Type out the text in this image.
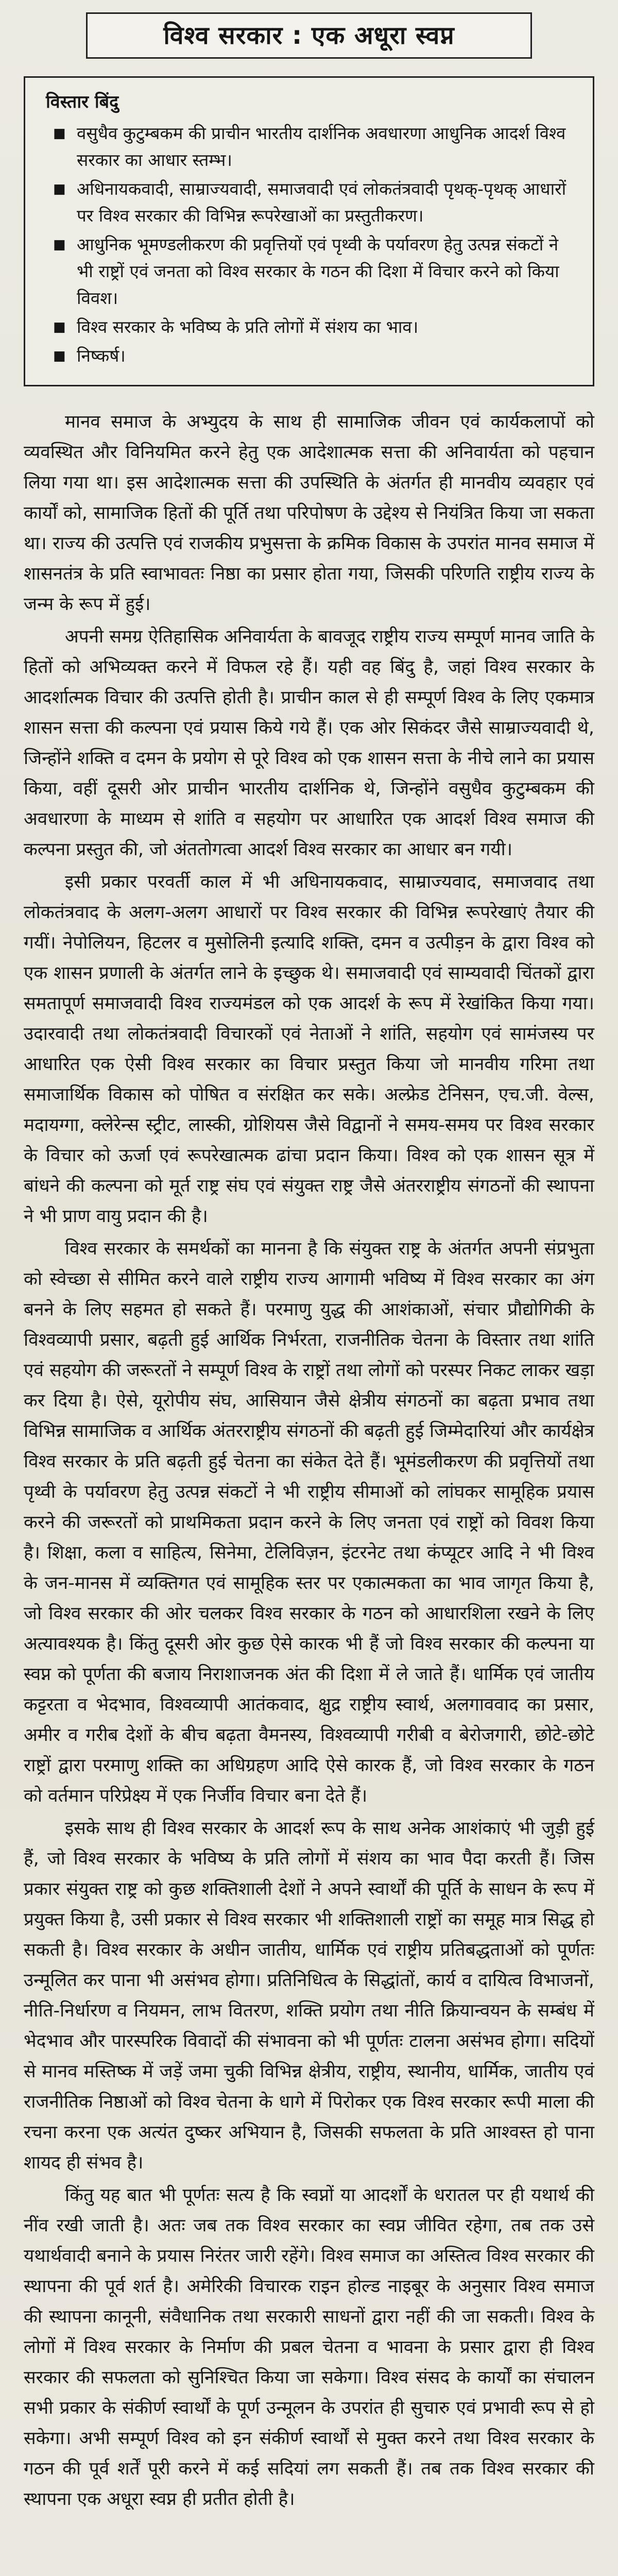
विश्व सरकार : एक अधूरा स्वप्न
विस्तार बिंदु
■ वसुधैव कुटुम्बकम की प्राचीन भारतीय दार्शनिक अवधारणा आधुनिक आदर्श विश्व सरकार का आधार स्तम्भ।
■ अधिनायकवादी, साम्राज्यवादी, समाजवादी एवं लोकतंत्रवादी पृथक्-पृथक् आधारों पर विश्व सरकार की विभिन्न रूपरेखाओं का प्रस्तुतीकरण।
■ आधुनिक भूमण्डलीकरण की प्रवृत्तियों एवं पृथ्वी के पर्यावरण हेतु उत्पन्न संकटों ने भी राष्ट्रों एवं जनता को विश्व सरकार के गठन की दिशा में विचार करने को किया विवश।
■ विश्व सरकार के भविष्य के प्रति लोगों में संशय का भाव।
■ निष्कर्ष।

मानव समाज के अभ्युदय के साथ ही सामाजिक जीवन एवं कार्यकलापों को व्यवस्थित और विनियमित करने हेतु एक आदेशात्मक सत्ता की अनिवार्यता को पहचान लिया गया था। इस आदेशात्मक सत्ता की उपस्थिति के अंतर्गत ही मानवीय व्यवहार एवं कार्यों को, सामाजिक हितों की पूर्ति तथा परिपोषण के उद्देश्य से नियंत्रित किया जा सकता था। राज्य की उत्पत्ति एवं राजकीय प्रभुसत्ता के क्रमिक विकास के उपरांत मानव समाज में शासनतंत्र के प्रति स्वाभावतः निष्ठा का प्रसार होता गया, जिसकी परिणति राष्ट्रीय राज्य के जन्म के रूप में हुई।

अपनी समग्र ऐतिहासिक अनिवार्यता के बावजूद राष्ट्रीय राज्य सम्पूर्ण मानव जाति के हितों को अभिव्यक्त करने में विफल रहे हैं। यही वह बिंदु है, जहां विश्व सरकार के आदर्शात्मक विचार की उत्पत्ति होती है। प्राचीन काल से ही सम्पूर्ण विश्व के लिए एकमात्र शासन सत्ता की कल्पना एवं प्रयास किये गये हैं। एक ओर सिकंदर जैसे साम्राज्यवादी थे, जिन्होंने शक्ति व दमन के प्रयोग से पूरे विश्व को एक शासन सत्ता के नीचे लाने का प्रयास किया, वहीं दूसरी ओर प्राचीन भारतीय दार्शनिक थे, जिन्होंने वसुधैव कुटुम्बकम की अवधारणा के माध्यम से शांति व सहयोग पर आधारित एक आदर्श विश्व समाज की कल्पना प्रस्तुत की, जो अंततोगत्वा आदर्श विश्व सरकार का आधार बन गयी।

इसी प्रकार परवर्ती काल में भी अधिनायकवाद, साम्राज्यवाद, समाजवाद तथा लोकतंत्रवाद के अलग-अलग आधारों पर विश्व सरकार की विभिन्न रूपरेखाएं तैयार की गयीं। नेपोलियन, हिटलर व मुसोलिनी इत्यादि शक्ति, दमन व उत्पीड़न के द्वारा विश्व को एक शासन प्रणाली के अंतर्गत लाने के इच्छुक थे। समाजवादी एवं साम्यवादी चिंतकों द्वारा समतापूर्ण समाजवादी विश्व राज्यमंडल को एक आदर्श के रूप में रेखांकित किया गया। उदारवादी तथा लोकतंत्रवादी विचारकों एवं नेताओं ने शांति, सहयोग एवं सामंजस्य पर आधारित एक ऐसी विश्व सरकार का विचार प्रस्तुत किया जो मानवीय गरिमा तथा समाजार्थिक विकास को पोषित व संरक्षित कर सके। अल्फ्रेड टेनिसन, एच.जी. वेल्स, मदायग्गा, क्लेरेन्स स्ट्रीट, लास्की, ग्रोशियस जैसे विद्वानों ने समय-समय पर विश्व सरकार के विचार को ऊर्जा एवं रूपरेखात्मक ढांचा प्रदान किया। विश्व को एक शासन सूत्र में बांधने की कल्पना को मूर्त राष्ट्र संघ एवं संयुक्त राष्ट्र जैसे अंतरराष्ट्रीय संगठनों की स्थापना ने भी प्राण वायु प्रदान की है।

विश्व सरकार के समर्थकों का मानना है कि संयुक्त राष्ट्र के अंतर्गत अपनी संप्रभुता को स्वेच्छा से सीमित करने वाले राष्ट्रीय राज्य आगामी भविष्य में विश्व सरकार का अंग बनने के लिए सहमत हो सकते हैं। परमाणु युद्ध की आशंकाओं, संचार प्रौद्योगिकी के विश्वव्यापी प्रसार, बढ़ती हुई आर्थिक निर्भरता, राजनीतिक चेतना के विस्तार तथा शांति एवं सहयोग की जरूरतों ने सम्पूर्ण विश्व के राष्ट्रों तथा लोगों को परस्पर निकट लाकर खड़ा कर दिया है। ऐसे, यूरोपीय संघ, आसियान जैसे क्षेत्रीय संगठनों का बढ़ता प्रभाव तथा विभिन्न सामाजिक व आर्थिक अंतरराष्ट्रीय संगठनों की बढ़ती हुई जिम्मेदारियां और कार्यक्षेत्र विश्व सरकार के प्रति बढ़ती हुई चेतना का संकेत देते हैं। भूमंडलीकरण की प्रवृत्तियों तथा पृथ्वी के पर्यावरण हेतु उत्पन्न संकटों ने भी राष्ट्रीय सीमाओं को लांघकर सामूहिक प्रयास करने की जरूरतों को प्राथमिकता प्रदान करने के लिए जनता एवं राष्ट्रों को विवश किया है। शिक्षा, कला व साहित्य, सिनेमा, टेलिविज़न, इंटरनेट तथा कंप्यूटर आदि ने भी विश्व के जन-मानस में व्यक्तिगत एवं सामूहिक स्तर पर एकात्मकता का भाव जागृत किया है, जो विश्व सरकार की ओर चलकर विश्व सरकार के गठन को आधारशिला रखने के लिए अत्यावश्यक है। किंतु दूसरी ओर कुछ ऐसे कारक भी हैं जो विश्व सरकार की कल्पना या स्वप्न को पूर्णता की बजाय निराशाजनक अंत की दिशा में ले जाते हैं। धार्मिक एवं जातीय कट्टरता व भेदभाव, विश्वव्यापी आतंकवाद, क्षुद्र राष्ट्रीय स्वार्थ, अलगाववाद का प्रसार, अमीर व गरीब देशों के बीच बढ़ता वैमनस्य, विश्वव्यापी गरीबी व बेरोजगारी, छोटे-छोटे राष्ट्रों द्वारा परमाणु शक्ति का अधिग्रहण आदि ऐसे कारक हैं, जो विश्व सरकार के गठन को वर्तमान परिप्रेक्ष्य में एक निर्जीव विचार बना देते हैं।

इसके साथ ही विश्व सरकार के आदर्श रूप के साथ अनेक आशंकाएं भी जुड़ी हुई हैं, जो विश्व सरकार के भविष्य के प्रति लोगों में संशय का भाव पैदा करती हैं। जिस प्रकार संयुक्त राष्ट्र को कुछ शक्तिशाली देशों ने अपने स्वार्थों की पूर्ति के साधन के रूप में प्रयुक्त किया है, उसी प्रकार से विश्व सरकार भी शक्तिशाली राष्ट्रों का समूह मात्र सिद्ध हो सकती है। विश्व सरकार के अधीन जातीय, धार्मिक एवं राष्ट्रीय प्रतिबद्धताओं को पूर्णतः उन्मूलित कर पाना भी असंभव होगा। प्रतिनिधित्व के सिद्धांतों, कार्य व दायित्व विभाजनों, नीति-निर्धारण व नियमन, लाभ वितरण, शक्ति प्रयोग तथा नीति क्रियान्वयन के सम्बंध में भेदभाव और पारस्परिक विवादों की संभावना को भी पूर्णतः टालना असंभव होगा। सदियों से मानव मस्तिष्क में जड़ें जमा चुकी विभिन्न क्षेत्रीय, राष्ट्रीय, स्थानीय, धार्मिक, जातीय एवं राजनीतिक निष्ठाओं को विश्व चेतना के धागे में पिरोकर एक विश्व सरकार रूपी माला की रचना करना एक अत्यंत दुष्कर अभियान है, जिसकी सफलता के प्रति आश्वस्त हो पाना शायद ही संभव है।

किंतु यह बात भी पूर्णतः सत्य है कि स्वप्नों या आदर्शों के धरातल पर ही यथार्थ की नींव रखी जाती है। अतः जब तक विश्व सरकार का स्वप्न जीवित रहेगा, तब तक उसे यथार्थवादी बनाने के प्रयास निरंतर जारी रहेंगे। विश्व समाज का अस्तित्व विश्व सरकार की स्थापना की पूर्व शर्त है। अमेरिकी विचारक राइन होल्ड नाइबूर के अनुसार विश्व समाज की स्थापना कानूनी, संवैधानिक तथा सरकारी साधनों द्वारा नहीं की जा सकती। विश्व के लोगों में विश्व सरकार के निर्माण की प्रबल चेतना व भावना के प्रसार द्वारा ही विश्व सरकार की सफलता को सुनिश्चित किया जा सकेगा। विश्व संसद के कार्यों का संचालन सभी प्रकार के संकीर्ण स्वार्थों के पूर्ण उन्मूलन के उपरांत ही सुचारु एवं प्रभावी रूप से हो सकेगा। अभी सम्पूर्ण विश्व को इन संकीर्ण स्वार्थों से मुक्त करने तथा विश्व सरकार के गठन की पूर्व शर्तें पूरी करने में कई सदियां लग सकती हैं। तब तक विश्व सरकार की स्थापना एक अधूरा स्वप्न ही प्रतीत होती है।
